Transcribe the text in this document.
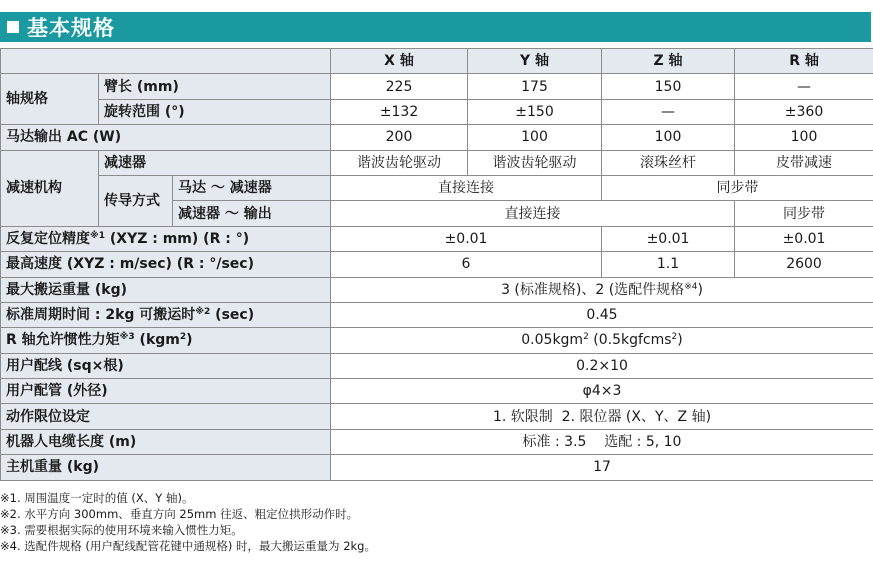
基本规格
			X 轴	Y 轴	Z 轴	R 轴
轴规格	臂长 (mm)		225	175	150	—
	旋转范围 (°)		±132	±150	—	±360
马达输出 AC (W)			200	100	100	100
减速机构	减速器		谐波齿轮驱动	谐波齿轮驱动	滚珠丝杆	皮带减速
	传导方式	马达 ～ 减速器	直接连接		同步带	
		减速器 ～ 输出	直接连接			同步带
反复定位精度$^{※1}$ (XYZ : mm) (R : °)			±0.01		±0.01	±0.01
最高速度 (XYZ : m/sec) (R : °/sec)			6		1.1	2600
最大搬运重量 (kg)			3 (标准规格)、2 (选配件规格$^{※4}$)			
标准周期时间 : 2kg 可搬运时$^{※2}$ (sec)			0.45			
R 轴允许惯性力矩$^{※3}$ (kgm$^2$)			0.05kgm$^2$ (0.5kgfcms$^2$)			
用户配线 (sq×根)			0.2×10			
用户配管 (外径)			φ4×3			
动作限位设定			1. 软限制  2. 限位器 (X、Y、Z 轴)			
机器人电缆长度 (m)			标准 : 3.5    选配 : 5, 10			
主机重量 (kg)			17			
※1. 周围温度一定时的值 (X、Y 轴)。
※2. 水平方向 300mm、垂直方向 25mm 往返、粗定位拱形动作时。
※3. 需要根据实际的使用环境来输入惯性力矩。
※4. 选配件规格 (用户配线配管花键中通规格) 时，最大搬运重量为 2kg。
